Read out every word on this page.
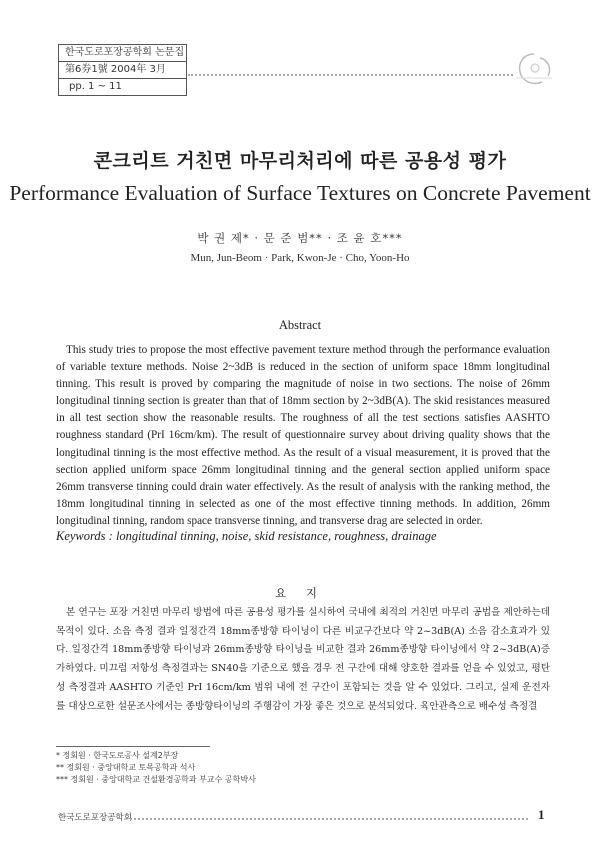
한국도로포장공학회 논문집
第6券1號 2004年 3月
pp. 1 ~ 11
콘크리트 거친면 마무리처리에 따른 공용성 평가
Performance Evaluation of Surface Textures on Concrete Pavement
박 권 제* · 문 준 범** · 조 윤 호***
Mun, Jun-Beom · Park, Kwon-Je · Cho, Yoon-Ho
Abstract

This study tries to propose the most effective pavement texture method through the performance evaluation of variable texture methods. Noise 2~3dB is reduced in the section of uniform space 18mm longitudinal tinning. This result is proved by comparing the magnitude of noise in two sections. The noise of 26mm longitudinal tinning section is greater than that of 18mm section by 2~3dB(A). The skid resistances measured in all test section show the reasonable results. The roughness of all the test sections satisfies AASHTO roughness standard (PrI 16cm/km). The result of questionnaire survey about driving quality shows that the longitudinal tinning is the most effective method. As the result of a visual measurement, it is proved that the section applied uniform space 26mm longitudinal tinning and the general section applied uniform space 26mm transverse tinning could drain water effectively. As the result of analysis with the ranking method, the 18mm longitudinal tinning in selected as one of the most effective tinning methods. In addition, 26mm longitudinal tinning, random space transverse tinning, and transverse drag are selected in order.

Keywords : longitudinal tinning, noise, skid resistance, roughness, drainage
요 지

본 연구는 포장 거친면 마무리 방법에 따른 공용성 평가를 실시하여 국내에 최적의 거친면 마무리 공법을 제안하는데 목적이 있다. 소음 측정 결과 일정간격 18mm종방향 타이닝이 다른 비교구간보다 약 2~3dB(A) 소음 감소효과가 있다. 일정간격 18mm종방향 타이닝과 26mm종방향 타이닝을 비교한 결과 26mm종방향 타이닝에서 약 2~3dB(A)증가하였다. 미끄럼 저항성 측정결과는 SN40을 기준으로 했을 경우 전 구간에 대해 양호한 결과를 얻을 수 있었고, 평탄성 측정결과 AASHTO 기준인 PrI 16cm/km 범위 내에 전 구간이 포함되는 것을 알 수 있었다. 그리고, 실제 운전자를 대상으로한 설문조사에서는 종방향타이닝의 주행감이 가장 좋은 것으로 분석되었다. 육안관측으로 배수성 측정결

* 정회원 · 한국도로공사 설계2부장
** 정회원 · 중앙대학교 토목공학과 석사
*** 정회원 · 중앙대학교 건설환경공학과 부교수 공학박사
한국도로포장공학회	1
